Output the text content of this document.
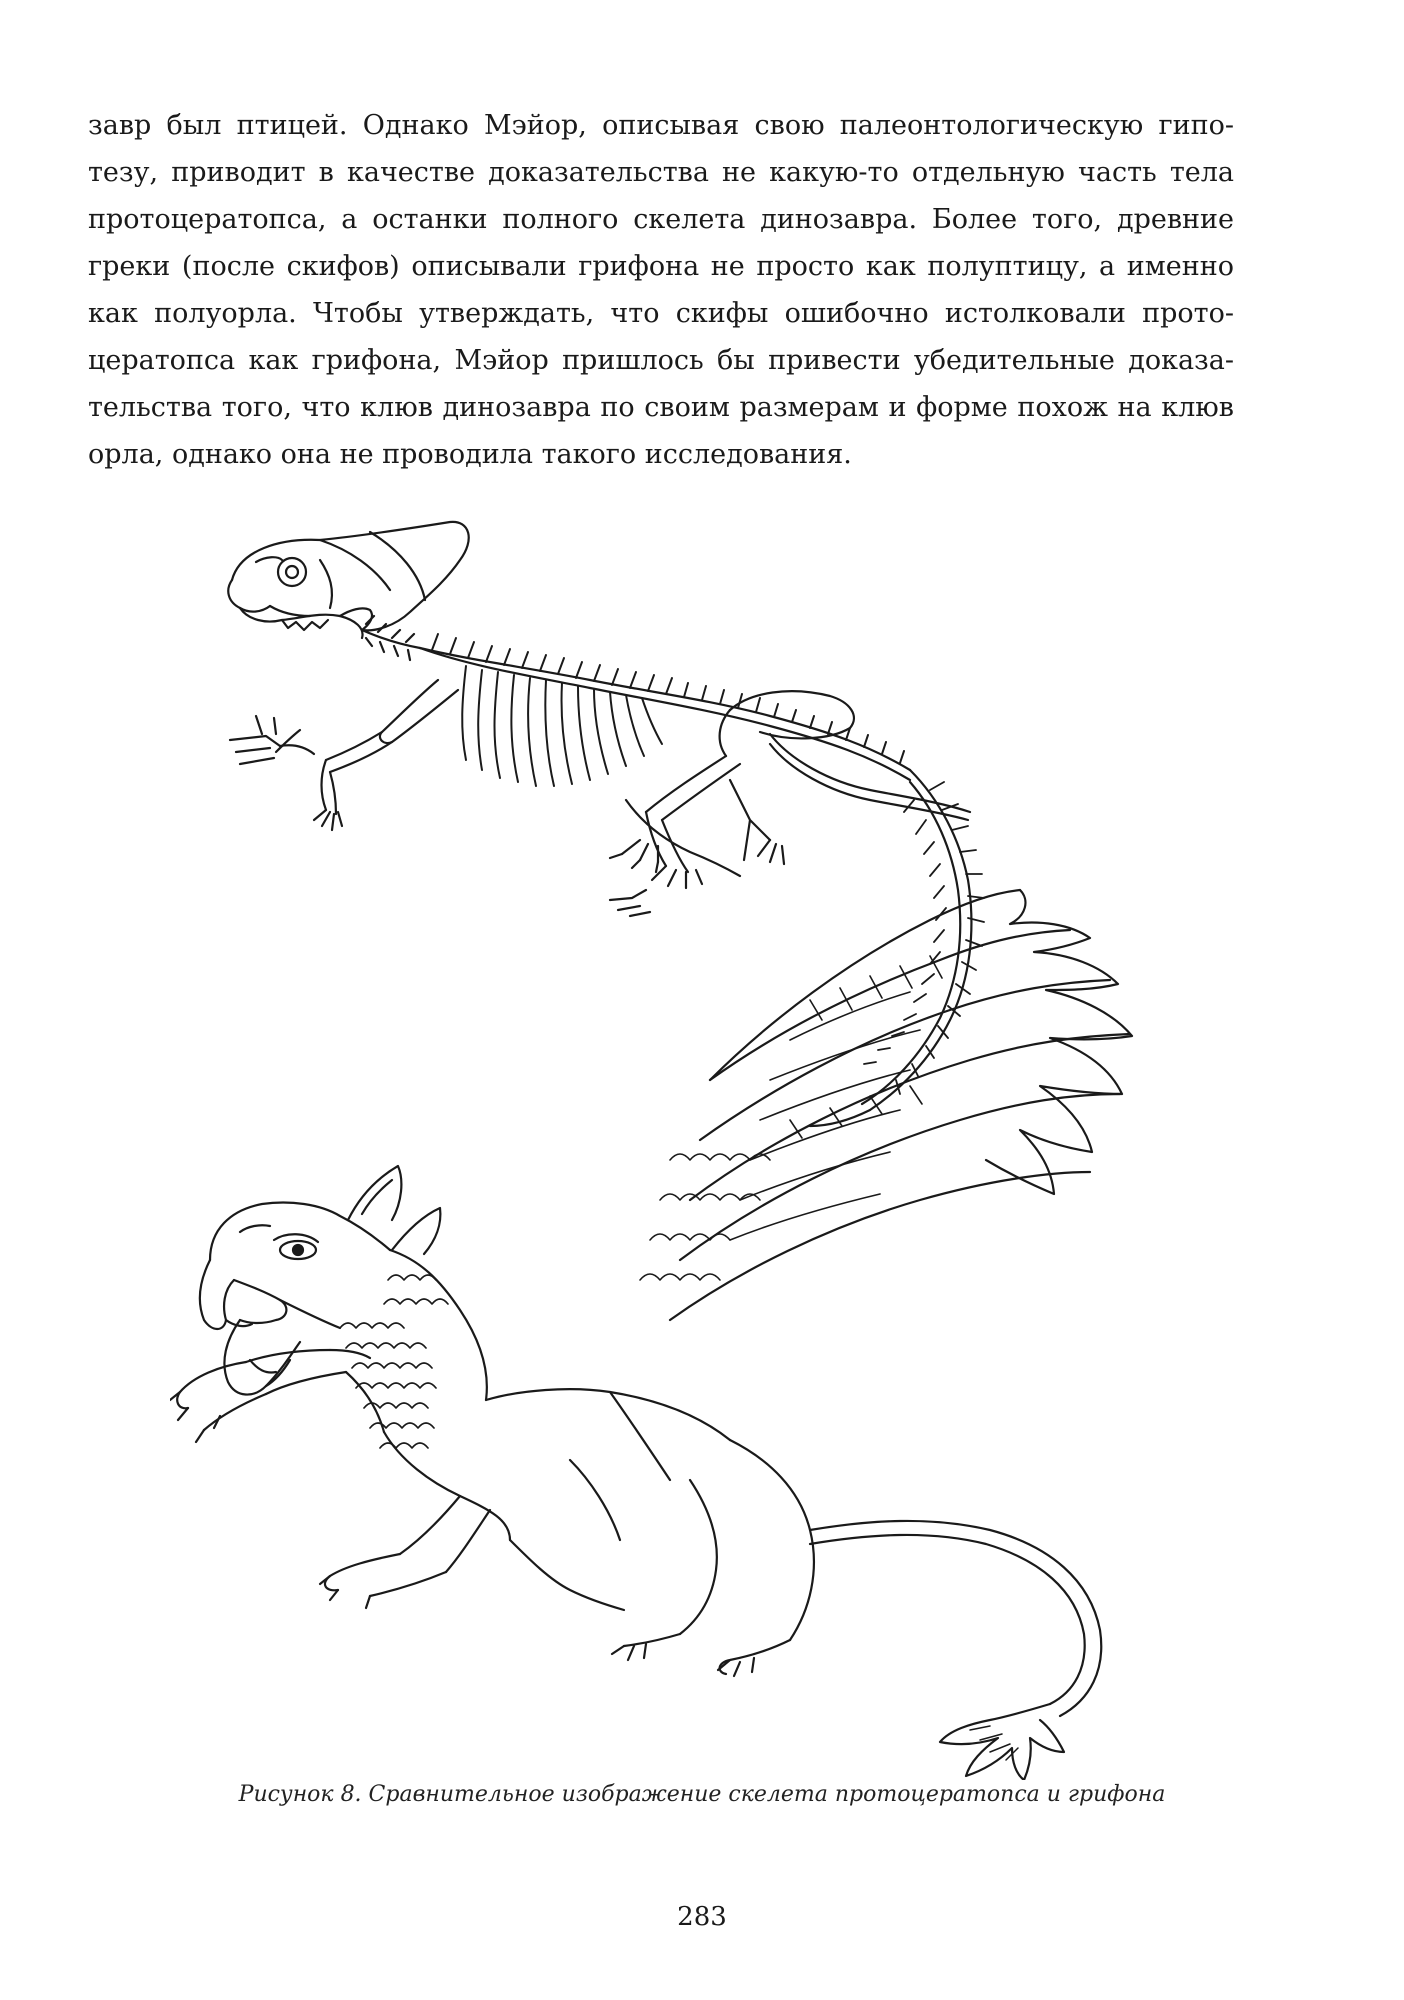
завр был птицей. Однако Мэйор, описывая свою палеонтологическую гипо-
тезу, приводит в качестве доказательства не какую-то отдельную часть тела
протоцератопса, а останки полного скелета динозавра. Более того, древние
греки (после скифов) описывали грифона не просто как полуптицу, а именно
как полуорла. Чтобы утверждать, что скифы ошибочно истолковали прото-
цератопса как грифона, Мэйор пришлось бы привести убедительные доказа-
тельства того, что клюв динозавра по своим размерам и форме похож на клюв
орла, однако она не проводила такого исследования.
Рисунок 8. Сравнительное изображение скелета протоцератопса и грифона
283
